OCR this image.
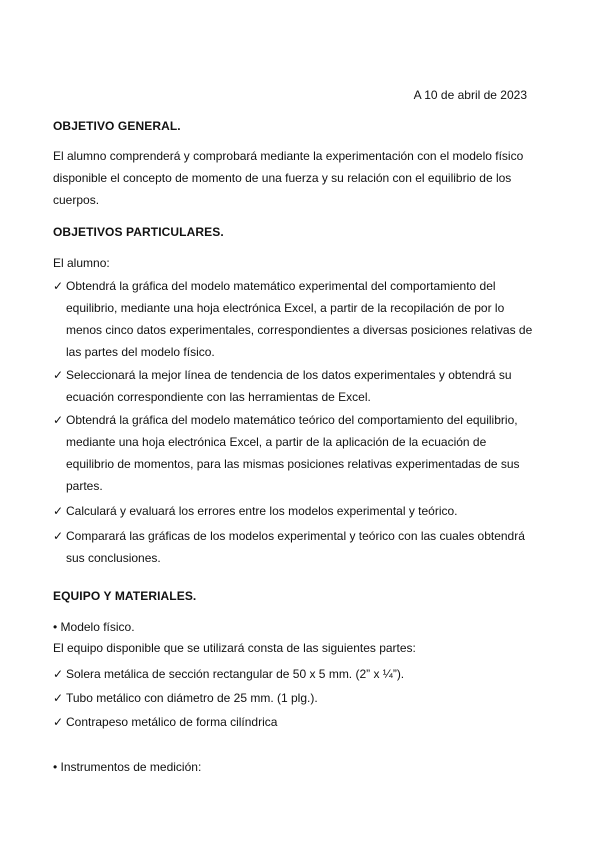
A 10 de abril de 2023
OBJETIVO GENERAL.
El alumno comprenderá y comprobará mediante la experimentación con el modelo físico disponible el concepto de momento de una fuerza y su relación con el equilibrio de los cuerpos.
OBJETIVOS PARTICULARES.
El alumno:
✓ Obtendrá la gráfica del modelo matemático experimental del comportamiento del equilibrio, mediante una hoja electrónica Excel, a partir de la recopilación de por lo menos cinco datos experimentales, correspondientes a diversas posiciones relativas de las partes del modelo físico.
✓ Seleccionará la mejor línea de tendencia de los datos experimentales y obtendrá su ecuación correspondiente con las herramientas de Excel.
✓ Obtendrá la gráfica del modelo matemático teórico del comportamiento del equilibrio, mediante una hoja electrónica Excel, a partir de la aplicación de la ecuación de equilibrio de momentos, para las mismas posiciones relativas experimentadas de sus partes.
✓ Calculará y evaluará los errores entre los modelos experimental y teórico.
✓ Comparará las gráficas de los modelos experimental y teórico con las cuales obtendrá sus conclusiones.
EQUIPO Y MATERIALES.
• Modelo físico.
El equipo disponible que se utilizará consta de las siguientes partes:
✓ Solera metálica de sección rectangular de 50 x 5 mm. (2” x ¼”).
✓ Tubo metálico con diámetro de 25 mm. (1 plg.).
✓ Contrapeso metálico de forma cilíndrica
• Instrumentos de medición:
